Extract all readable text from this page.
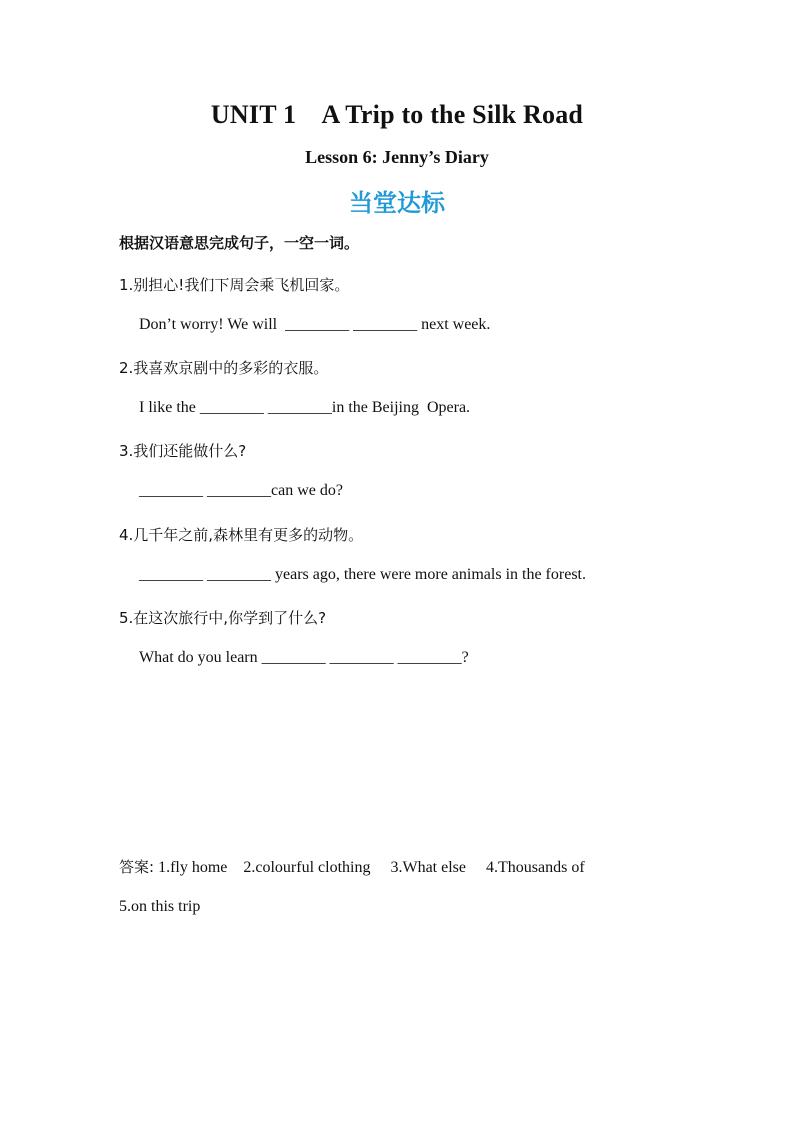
UNIT 1    A Trip to the Silk Road
Lesson 6: Jenny’s Diary
当堂达标
根据汉语意思完成句子，一空一词。
1.别担心!我们下周会乘飞机回家。
Don’t worry! We will  ________ ________ next week.
2.我喜欢京剧中的多彩的衣服。
I like the ________ ________in the Beijing  Opera.
3.我们还能做什么?
________ ________can we do?
4.几千年之前,森林里有更多的动物。
________ ________ years ago, there were more animals in the forest.
5.在这次旅行中,你学到了什么?
What do you learn ________ ________ ________?
答案: 1.fly home    2.colourful clothing     3.What else     4.Thousands of
5.on this trip
